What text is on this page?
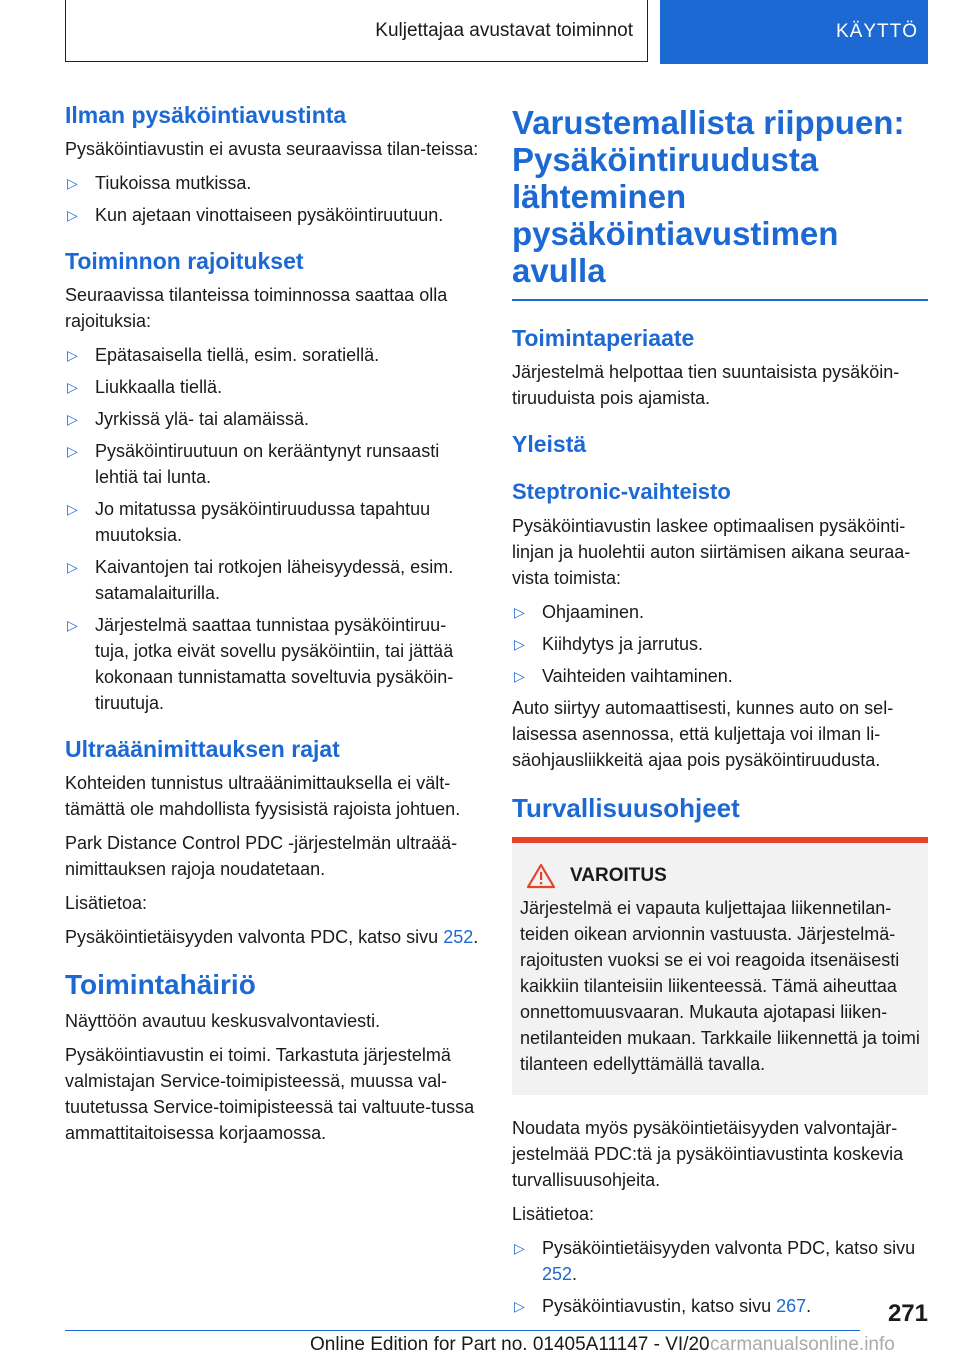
Kuljettajaa avustavat toiminnot	KÄYTTÖ
Ilman pysäköintiavustinta

Pysäköintiavustin ei avusta seuraavissa tilan-teissa:

▷ Tiukoissa mutkissa.
▷ Kun ajetaan vinottaiseen pysäköintiruutuun.
Toiminnon rajoitukset

Seuraavissa tilanteissa toiminnossa saattaa olla rajoituksia:

▷ Epätasaisella tiellä, esim. soratiellä.
▷ Liukkaalla tiellä.
▷ Jyrkissä ylä- tai alamäissä.
▷ Pysäköintiruutuun on kerääntynyt runsaasti lehtiä tai lunta.
▷ Jo mitatussa pysäköintiruudussa tapahtuu muutoksia.
▷ Kaivantojen tai rotkojen läheisyydessä, esim. satamalaiturilla.
▷ Järjestelmä saattaa tunnistaa pysäköintiruu-tuja, jotka eivät sovellu pysäköintiin, tai jättää kokonaan tunnistamatta soveltuvia pysäköin-tiruutuja.
Ultraäänimittauksen rajat

Kohteiden tunnistus ultraäänimittauksella ei vält-tämättä ole mahdollista fyysisistä rajoista johtuen.

Park Distance Control PDC -järjestelmän ultraää-nimittauksen rajoja noudatetaan.

Lisätietoa:

Pysäköintietäisyyden valvonta PDC, katso sivu 252.

Toimintahäiriö

Näyttöön avautuu keskusvalvontaviesti.

Pysäköintiavustin ei toimi. Tarkastuta järjestelmä valmistajan Service-toimipisteessä, muussa val-tuutetussa Service-toimipisteessä tai valtuute-tussa ammattitaitoisessa korjaamossa.

Varustemallista riippuen: Pysäköintiruudusta lähteminen pysäköintiavustimen avulla
Toimintaperiaate

Järjestelmä helpottaa tien suuntaisista pysäköin-tiruuduista pois ajamista.

Yleistä
Steptronic-vaihteisto

Pysäköintiavustin laskee optimaalisen pysäköinti-linjan ja huolehtii auton siirtämisen aikana seuraa-vista toimista:

▷ Ohjaaminen.
▷ Kiihdytys ja jarrutus.
▷ Vaihteiden vaihtaminen.

Auto siirtyy automaattisesti, kunnes auto on sel-laisessa asennossa, että kuljettaja voi ilman li-säohjausliikkeitä ajaa pois pysäköintiruudusta.

Turvallisuusohjeet
VAROITUS

Järjestelmä ei vapauta kuljettajaa liikennetilan-teiden oikean arvionnin vastuusta. Järjestelmä-rajoitusten vuoksi se ei voi reagoida itsenäisesti kaikkiin tilanteisiin liikenteessä. Tämä aiheuttaa onnettomuusvaaran. Mukauta ajotapasi liiken-netilanteiden mukaan. Tarkkaile liikennettä ja toimi tilanteen edellyttämällä tavalla.

Noudata myös pysäköintietäisyyden valvontajär-jestelmää PDC:tä ja pysäköintiavustinta koskevia turvallisuusohjeita.

Lisätietoa:

▷ Pysäköintietäisyyden valvonta PDC, katso sivu 252.
▷ Pysäköintiavustin, katso sivu 267.	271
Online Edition for Part no. 01405A11147 - VI/20 carmanualsonline.info
